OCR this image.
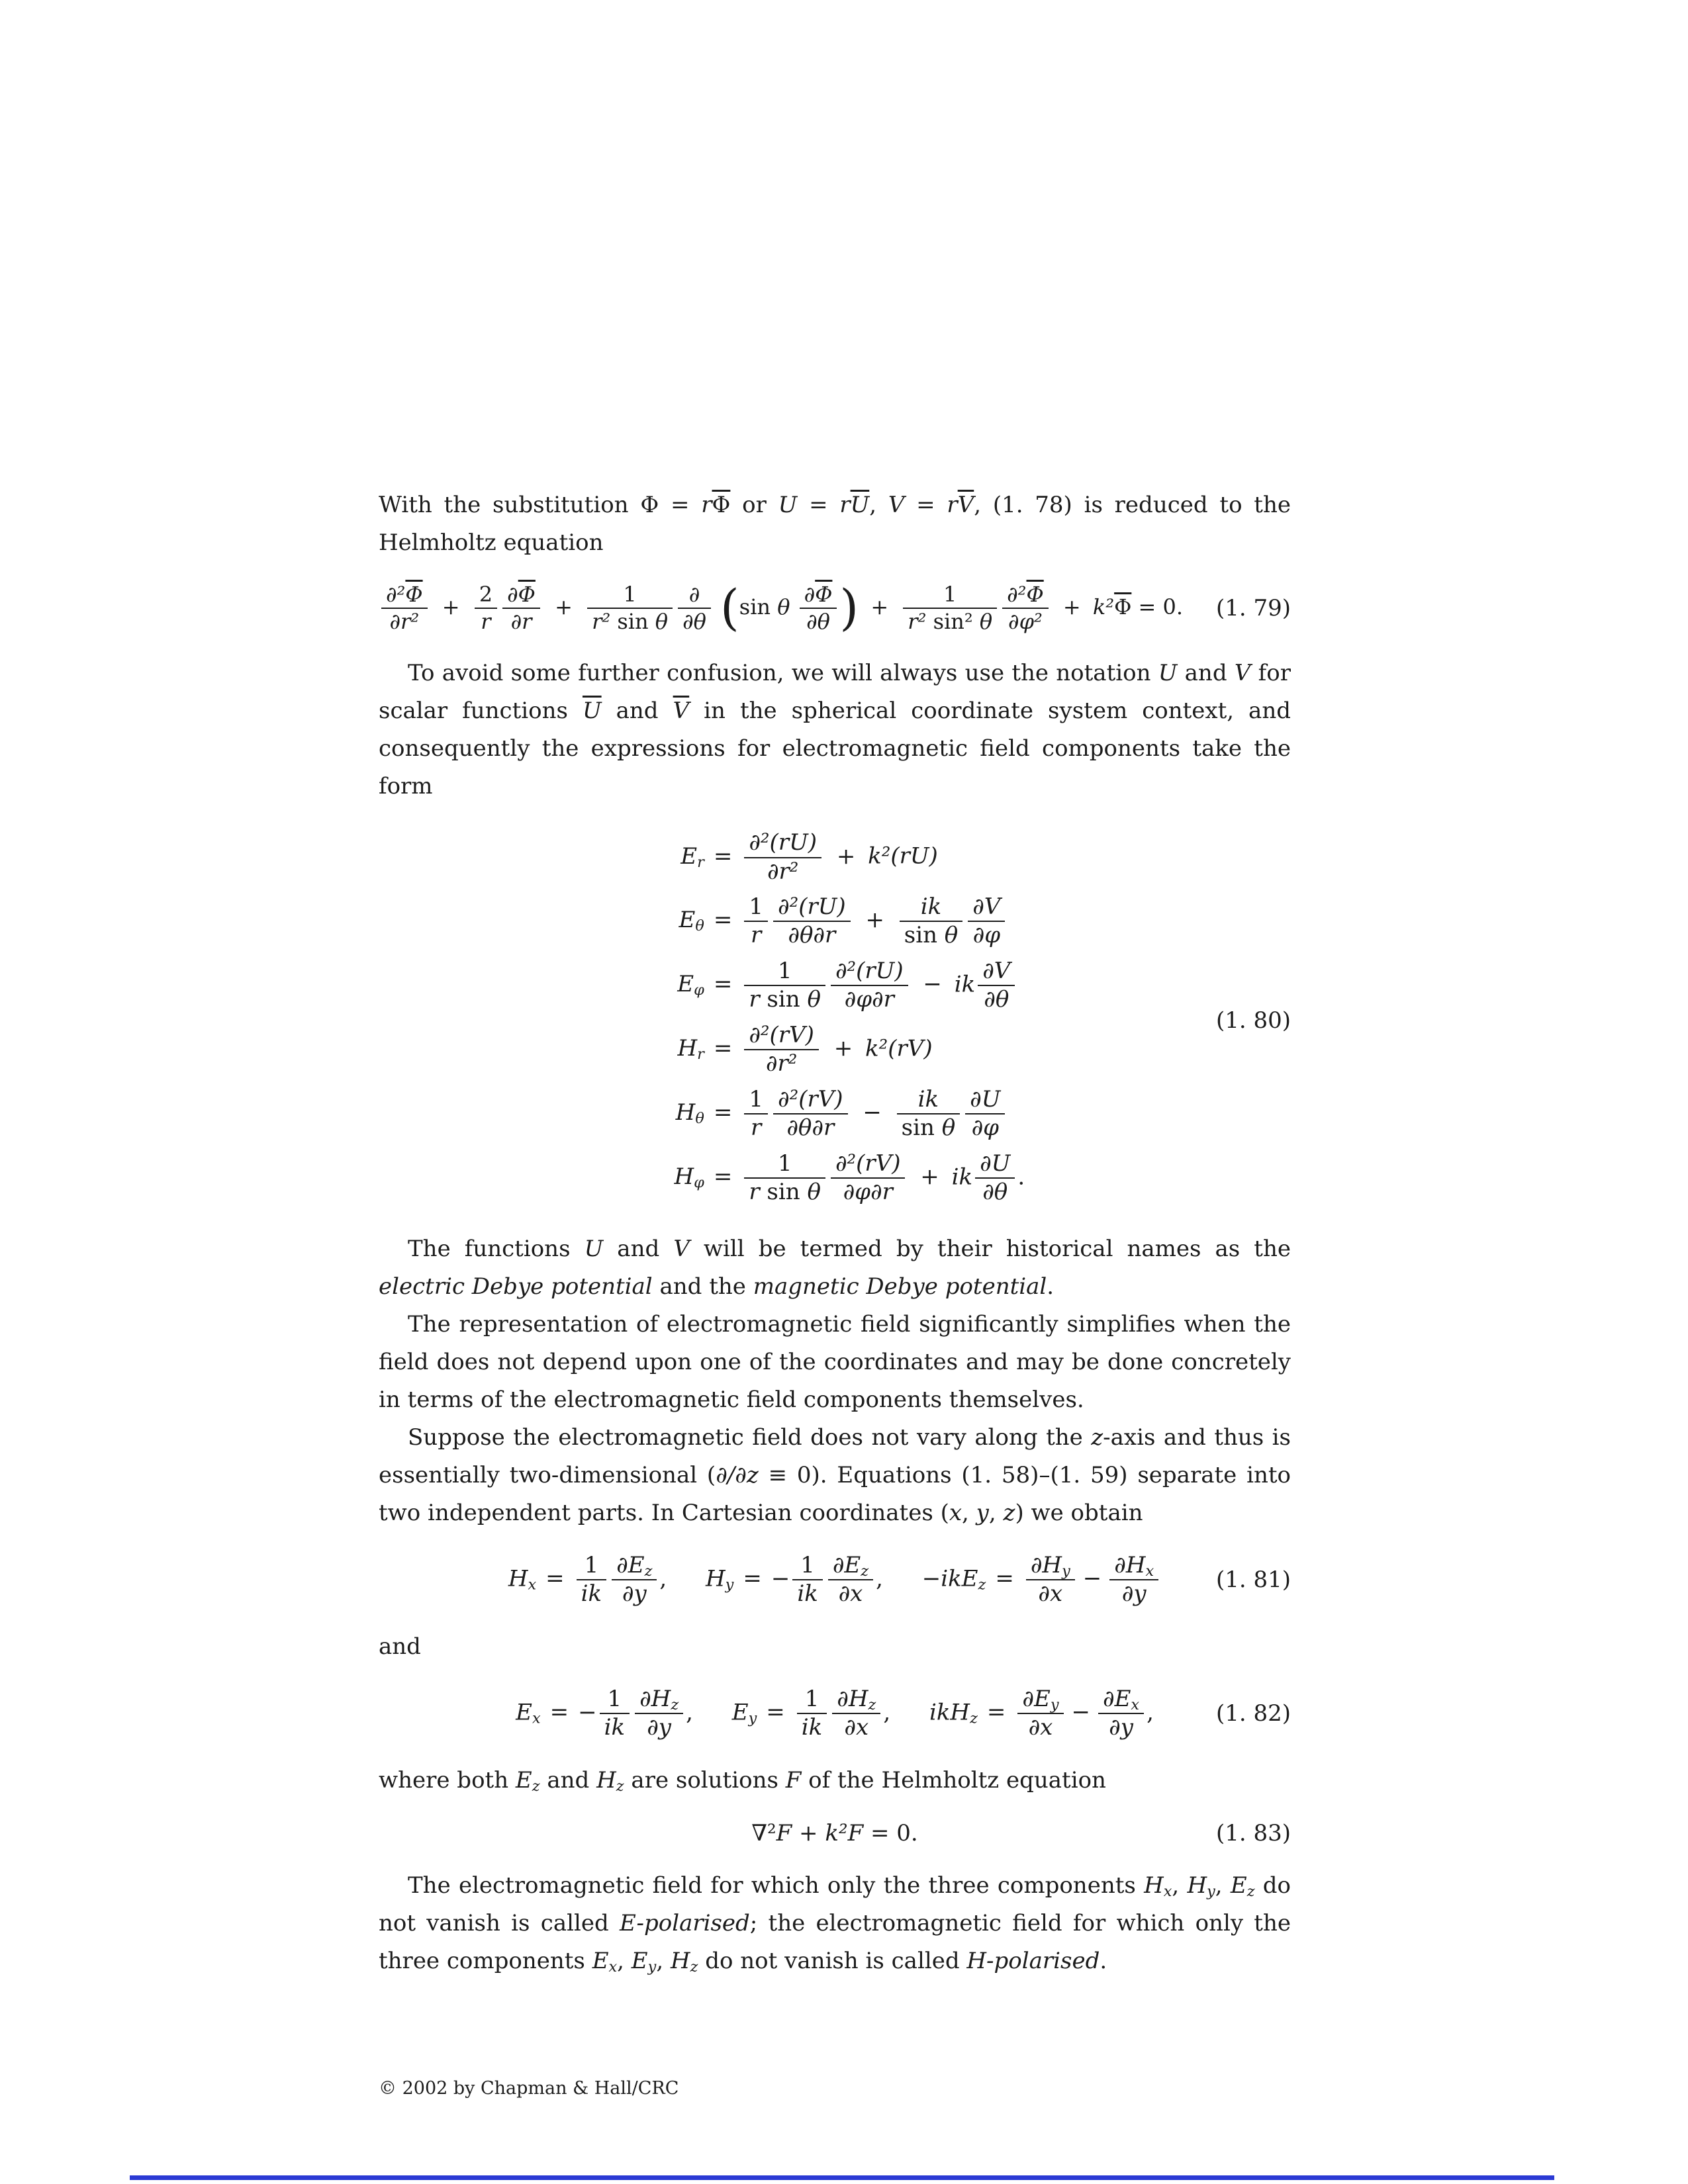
With the substitution $\Phi = r\overline{\Phi}$ or $U = r\overline{U}$, $V = r\overline{V}$, (1. 78) is reduced to the Helmholtz equation

$\frac{\partial^2\overline{\Phi}}{\text{∂r²}} + \frac{2}{r} \frac{\partial\overline{\Phi}}{\partial r} + \frac{1}{\text{r² sin θ}} \frac{\partial}{\partial\theta} (\sin$ θ $\frac{\partial\overline{\Phi}}{\partial\theta}$ ) + $\frac{1}{\text{r² sin² θ}} \frac{\partial^2\overline{\Phi}}{\text{∂φ²}} + k^2\overline{\Phi} = 0$. (1. 79)

To avoid some further confusion, we will always use the notation U and V for scalar functions $\overline{U}$ and $\overline{V}$ in the spherical coordinate system context, and consequently the expressions for electromagnetic field components take the form

$E_r = \frac{\text{∂²(rU)}}{\text{∂r²}} + k^2(rU)$
$E_\theta = \frac{1}{r} \frac{\text{∂²(rU)}}{\partial\theta\partial r} + \frac{ik}{\text{sin θ}} \frac{\partial V}{\partial\varphi}$
$E_\varphi = \frac{1}{\text{r sin θ}} \frac{\text{∂²(rU)}}{\partial\varphi\partial r}$ − ik $\frac{\partial V}{\partial\theta}$
$H_r = \frac{\text{∂²(rV)}}{\text{∂r²}} + k^2(rV)$
$H_\theta = \frac{1}{r} \frac{\text{∂²(rV)}}{\partial\theta\partial r} - \frac{ik}{\text{sin θ}} \frac{\partial U}{\partial\varphi}$
$H_\varphi = \frac{1}{\text{r sin θ}} \frac{\text{∂²(rV)}}{\partial\varphi\partial r}$ + ik $\frac{\partial U}{\partial\theta}$ .
(1. 80)

The functions U and V will be termed by their historical names as the electric Debye potential and the magnetic Debye potential.

The representation of electromagnetic field significantly simplifies when the field does not depend upon one of the coordinates and may be done concretely in terms of the electromagnetic field components themselves.

Suppose the electromagnetic field does not vary along the z-axis and thus is essentially two-dimensional (∂/∂z ≡ 0). Equations (1. 58)–(1. 59) separate into two independent parts. In Cartesian coordinates (x, y, z) we obtain

$H_x = \frac{1}{ik} \frac{\partial E_z}{\partial y}$ , $H_y$ = − $\frac{1}{ik} \frac{\partial E_z}{\partial x}$ , $-ikE_z = \frac{\partial H_y}{\partial x} - \frac{\partial H_x}{\partial y}$	(1. 81)

and

$E_x$ = − $\frac{1}{ik} \frac{\partial H_z}{\partial y}$ , $E_y = \frac{1}{ik} \frac{\partial H_z}{\partial x}$ , $ikH_z = \frac{\partial E_y}{\partial x} - \frac{\partial E_x}{\partial y}$ ,	(1. 82)

where both $E_z$ and $H_z$ are solutions F of the Helmholtz equation

∇²F + k²F = 0.	(1. 83)

The electromagnetic field for which only the three components $H_x$, $H_y$, $E_z$ do not vanish is called E-polarised; the electromagnetic field for which only the three components $E_x$, $E_y$, $H_z$ do not vanish is called H-polarised.

© 2002 by Chapman & Hall/CRC
